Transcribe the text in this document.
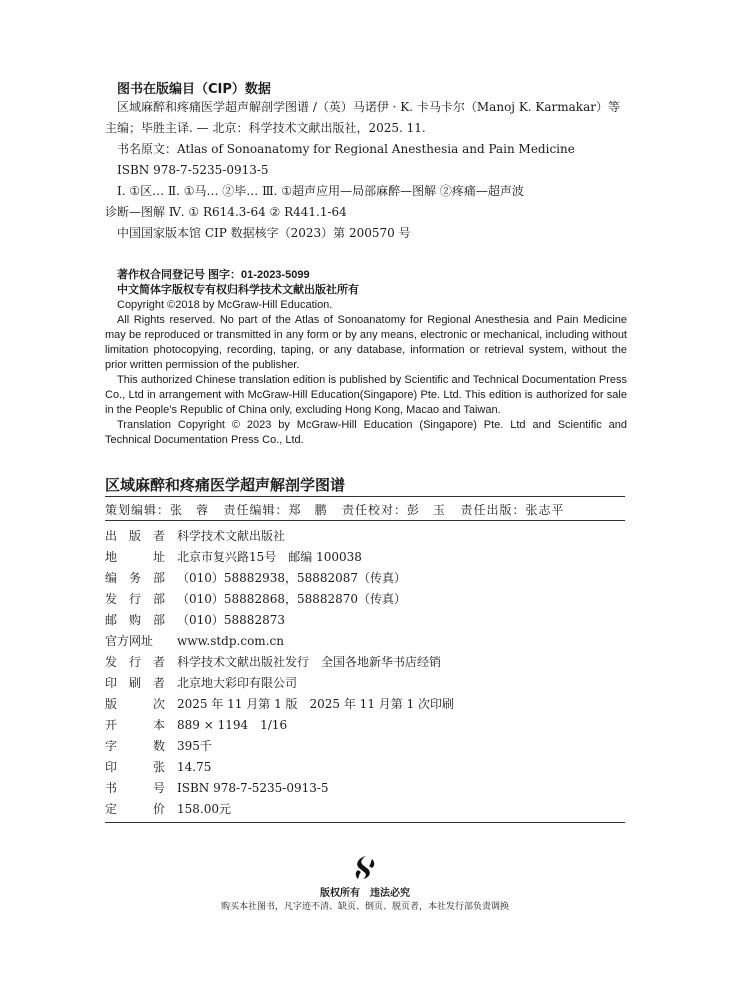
图书在版编目（CIP）数据
区域麻醉和疼痛医学超声解剖学图谱 /（英）马诺伊 · K. 卡马卡尔（Manoj K. Karmakar）等
主编；毕胜主译. — 北京：科学技术文献出版社，2025. 11.
书名原文：Atlas of Sonoanatomy for Regional Anesthesia and Pain Medicine
ISBN 978-7-5235-0913-5
Ⅰ. ①区… Ⅱ. ①马… ②毕… Ⅲ. ①超声应用—局部麻醉—图解 ②疼痛—超声波
诊断—图解 Ⅳ. ① R614.3-64 ② R441.1-64
中国国家版本馆 CIP 数据核字（2023）第 200570 号

著作权合同登记号 图字：01-2023-5099

中文简体字版权专有权归科学技术文献出版社所有

Copyright ©2018 by McGraw-Hill Education.

All Rights reserved. No part of the Atlas of Sonoanatomy for Regional Anesthesia and Pain Medicine may be reproduced or transmitted in any form or by any means, electronic or mechanical, including without limitation photocopying, recording, taping, or any database, information or retrieval system, without the prior written permission of the publisher.

This authorized Chinese translation edition is published by Scientific and Technical Documentation Press Co., Ltd in arrangement with McGraw-Hill Education(Singapore) Pte. Ltd. This edition is authorized for sale in the People’s Republic of China only, excluding Hong Kong, Macao and Taiwan.

Translation Copyright © 2023 by McGraw-Hill Education (Singapore) Pte. Ltd and Scientific and Technical Documentation Press Co., Ltd.

区域麻醉和疼痛医学超声解剖学图谱
策划编辑：张　蓉 责任编辑：郑　鹏 责任校对：彭　玉 责任出版：张志平
出　版　者 科学技术文献出版社
地　　　址 北京市复兴路15号　邮编 100038
编　务　部 （010）58882938，58882087（传真）
发　行　部 （010）58882868，58882870（传真）
邮　购　部 （010）58882873
官方网址 www.stdp.com.cn
发　行　者 科学技术文献出版社发行　全国各地新华书店经销
印　刷　者 北京地大彩印有限公司
版　　　次 2025 年 11 月第 1 版　2025 年 11 月第 1 次印刷
开　　　本 889 × 1194　1/16
字　　　数 395千
印　　　张 14.75
书　　　号 ISBN 978-7-5235-0913-5
定　　　价 158.00元
版权所有　违法必究
购买本社图书，凡字迹不清、缺页、倒页、脱页者，本社发行部负责调换
